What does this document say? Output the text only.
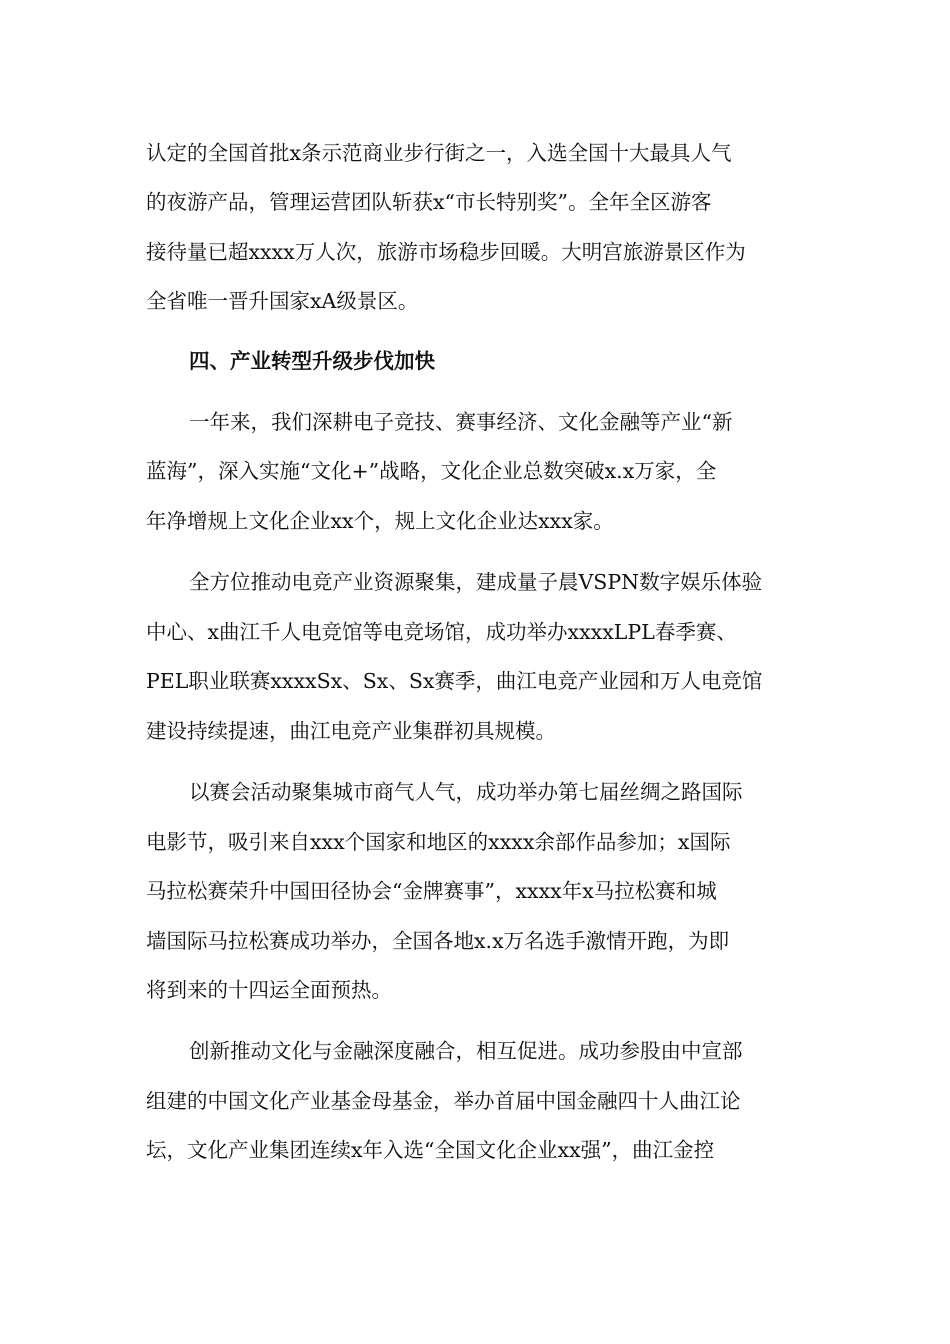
认定的全国首批x条示范商业步行街之一，入选全国十大最具人气
的夜游产品，管理运营团队斩获x“市长特别奖”。全年全区游客
接待量已超xxxx万人次，旅游市场稳步回暖。大明宫旅游景区作为
全省唯一晋升国家xA级景区。
四、产业转型升级步伐加快
一年来，我们深耕电子竞技、赛事经济、文化金融等产业“新
蓝海”，深入实施“文化+”战略，文化企业总数突破x.x万家，全
年净增规上文化企业xx个，规上文化企业达xxx家。
全方位推动电竞产业资源聚集，建成量子晨VSPN数字娱乐体验
中心、x曲江千人电竞馆等电竞场馆，成功举办xxxxLPL春季赛、
PEL职业联赛xxxxSx、Sx、Sx赛季，曲江电竞产业园和万人电竞馆
建设持续提速，曲江电竞产业集群初具规模。
以赛会活动聚集城市商气人气，成功举办第七届丝绸之路国际
电影节，吸引来自xxx个国家和地区的xxxx余部作品参加；x国际
马拉松赛荣升中国田径协会“金牌赛事”，xxxx年x马拉松赛和城
墙国际马拉松赛成功举办，全国各地x.x万名选手激情开跑，为即
将到来的十四运全面预热。
创新推动文化与金融深度融合，相互促进。成功参股由中宣部
组建的中国文化产业基金母基金，举办首届中国金融四十人曲江论
坛，文化产业集团连续x年入选“全国文化企业xx强”，曲江金控
